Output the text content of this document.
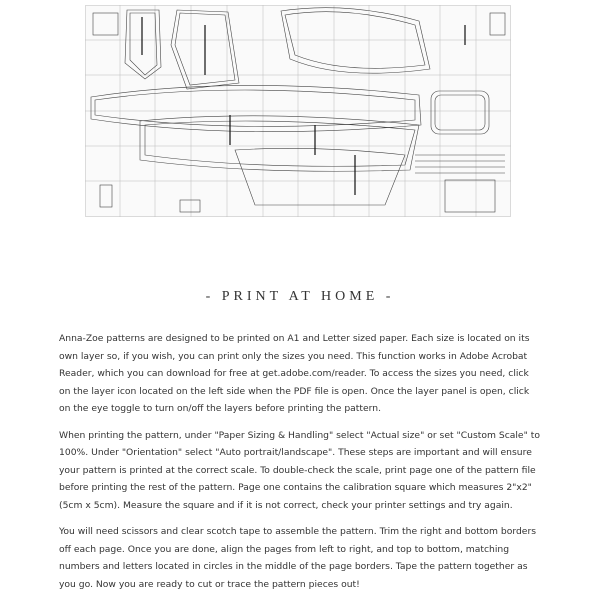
- PRINT AT HOME -

Anna-Zoe patterns are designed to be printed on A1 and Letter sized paper. Each size is located on its own layer so, if you wish, you can print only the sizes you need. This function works in Adobe Acrobat Reader, which you can download for free at get.adobe.com/reader. To access the sizes you need, click on the layer icon located on the left side when the PDF file is open. Once the layer panel is open, click on the eye toggle to turn on/off the layers before printing the pattern.

When printing the pattern, under "Paper Sizing & Handling" select "Actual size" or set "Custom Scale" to 100%. Under "Orientation" select "Auto portrait/landscape". These steps are important and will ensure your pattern is printed at the correct scale. To double-check the scale, print page one of the pattern file before printing the rest of the pattern. Page one contains the calibration square which measures 2"x2" (5cm x 5cm). Measure the square and if it is not correct, check your printer settings and try again.

You will need scissors and clear scotch tape to assemble the pattern. Trim the right and bottom borders off each page. Once you are done, align the pages from left to right, and top to bottom, matching numbers and letters located in circles in the middle of the page borders. Tape the pattern together as you go. Now you are ready to cut or trace the pattern pieces out!
